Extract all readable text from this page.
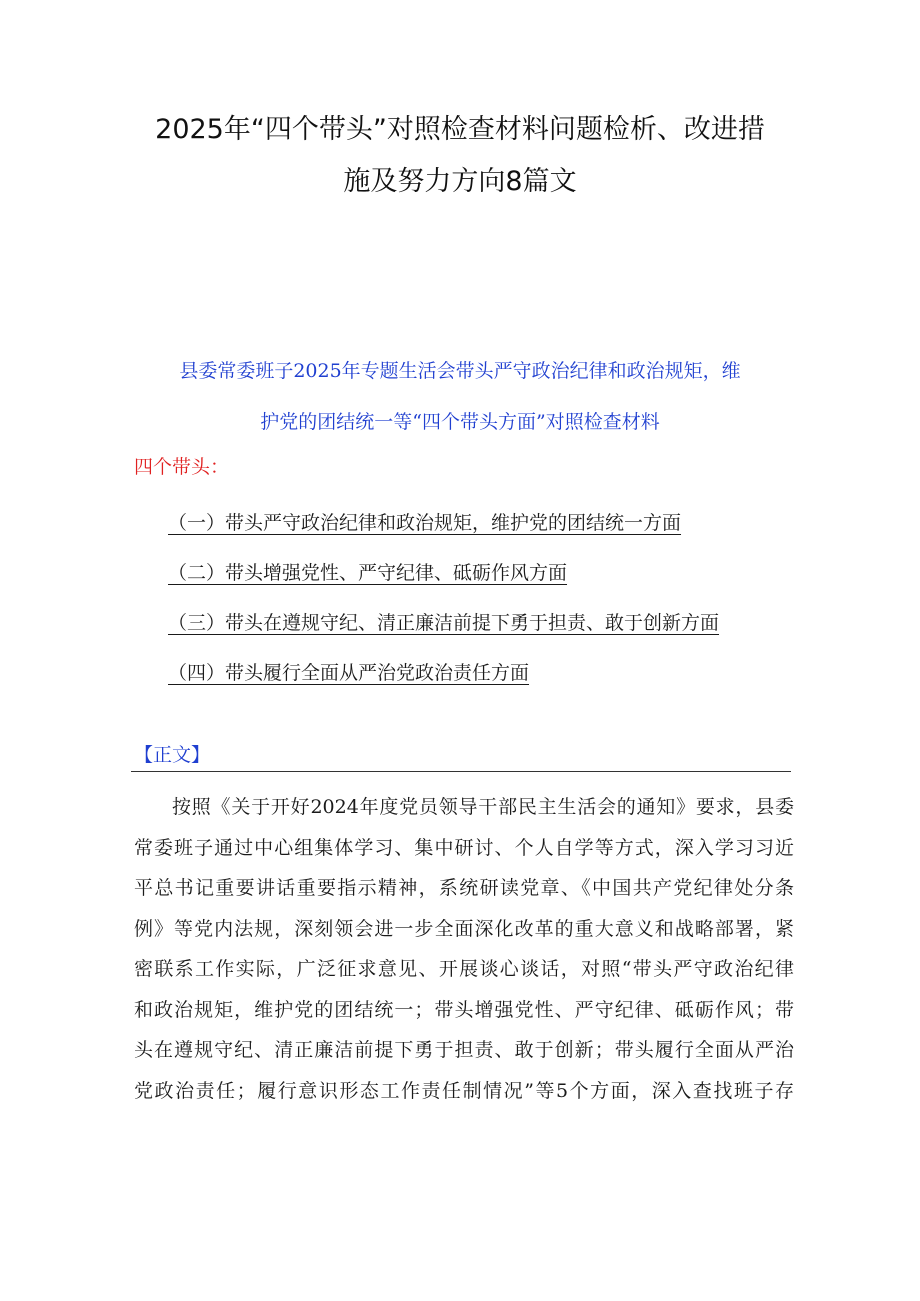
2025年“四个带头”对照检查材料问题检析、改进措
施及努力方向8篇文
县委常委班子2025年专题生活会带头严守政治纪律和政治规矩，维
护党的团结统一等“四个带头方面”对照检查材料
四个带头：
（一）带头严守政治纪律和政治规矩，维护党的团结统一方面
（二）带头增强党性、严守纪律、砥砺作风方面
（三）带头在遵规守纪、清正廉洁前提下勇于担责、敢于创新方面
（四）带头履行全面从严治党政治责任方面
【正文】
按照《关于开好2024年度党员领导干部民主生活会的通知》要求，县委
常委班子通过中心组集体学习、集中研讨、个人自学等方式，深入学习习近
平总书记重要讲话重要指示精神，系统研读党章、《中国共产党纪律处分条
例》等党内法规，深刻领会进一步全面深化改革的重大意义和战略部署，紧
密联系工作实际，广泛征求意见、开展谈心谈话，对照“带头严守政治纪律
和政治规矩，维护党的团结统一；带头增强党性、严守纪律、砥砺作风；带
头在遵规守纪、清正廉洁前提下勇于担责、敢于创新；带头履行全面从严治
党政治责任；履行意识形态工作责任制情况”等5个方面，深入查找班子存
